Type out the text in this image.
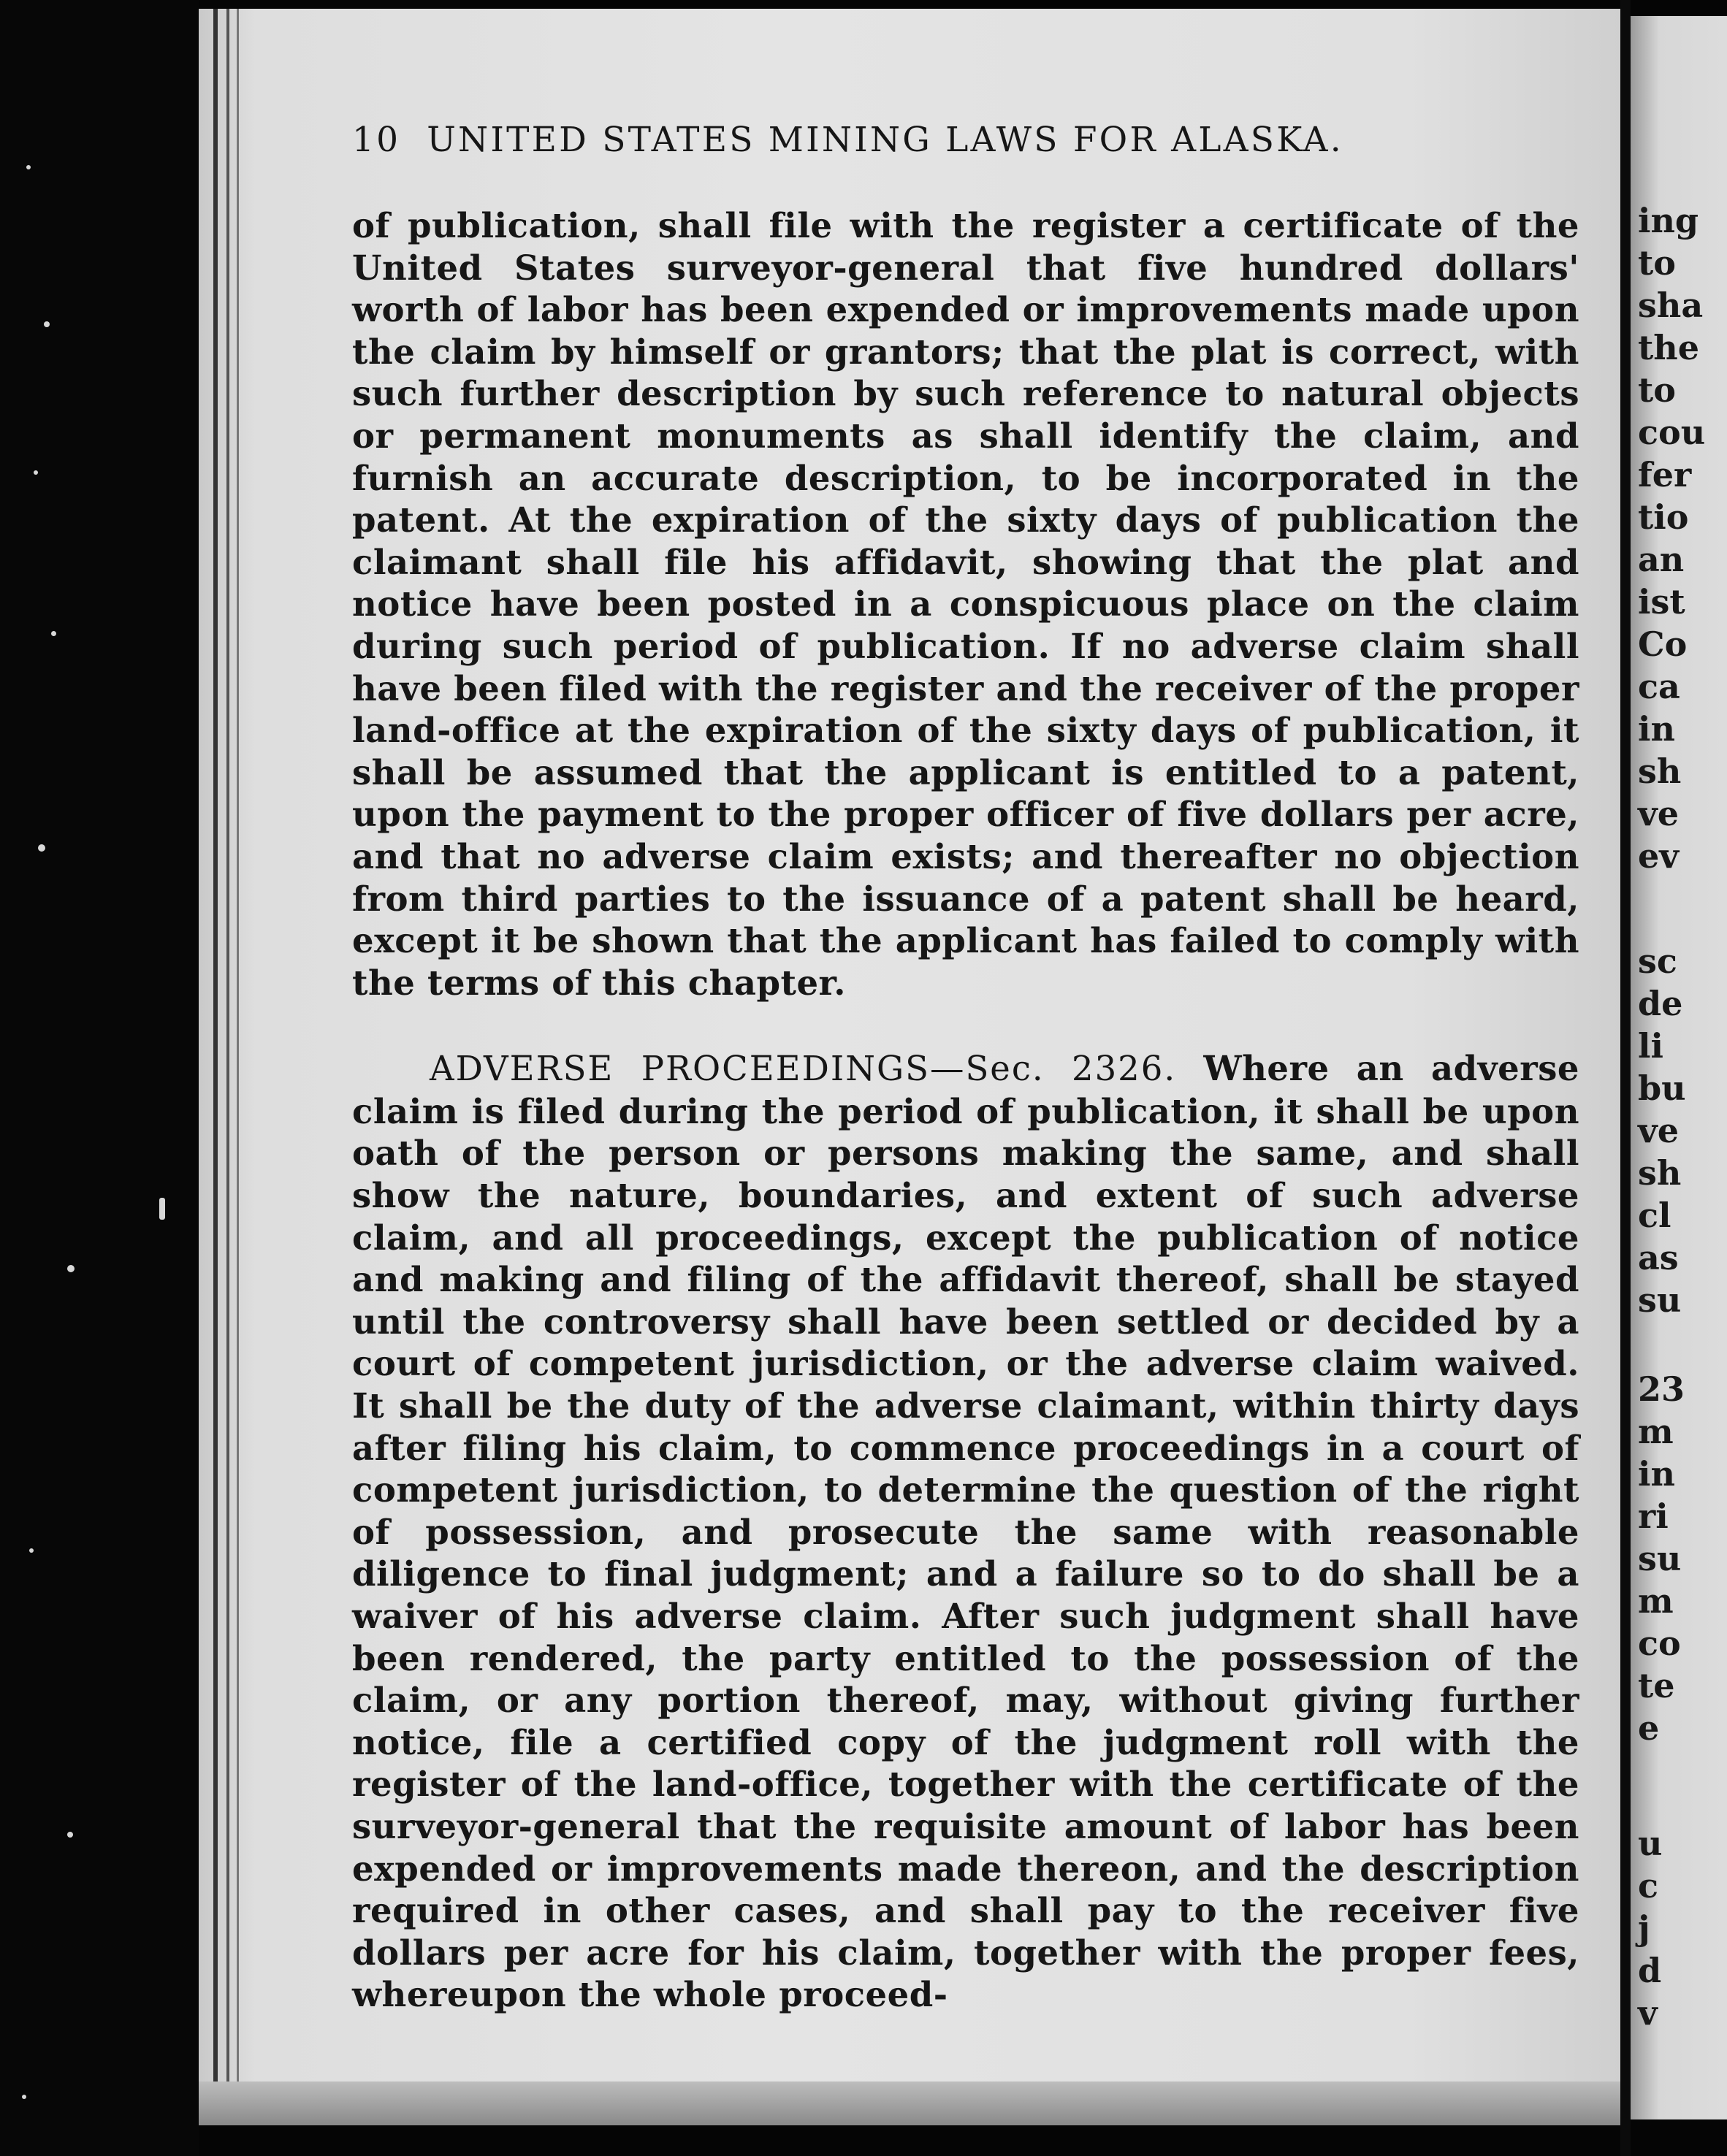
10 UNITED STATES MINING LAWS FOR ALASKA.

of publication, shall file with the register a certificate of the United States surveyor-general that five hundred dollars' worth of labor has been expended or improvements made upon the claim by himself or grantors; that the plat is correct, with such further description by such reference to natural objects or permanent monuments as shall identify the claim, and furnish an accurate description, to be incorporated in the patent. At the expiration of the sixty days of publication the claimant shall file his affidavit, showing that the plat and notice have been posted in a conspicuous place on the claim during such period of publication. If no adverse claim shall have been filed with the register and the receiver of the proper land-office at the expiration of the sixty days of publication, it shall be assumed that the applicant is entitled to a patent, upon the payment to the proper officer of five dollars per acre, and that no adverse claim exists; and thereafter no objection from third parties to the issuance of a patent shall be heard, except it be shown that the applicant has failed to comply with the terms of this chapter.

ADVERSE PROCEEDINGS—Sec. 2326. Where an adverse claim is filed during the period of publication, it shall be upon oath of the person or persons making the same, and shall show the nature, boundaries, and extent of such adverse claim, and all proceedings, except the publication of notice and making and filing of the affidavit thereof, shall be stayed until the controversy shall have been settled or decided by a court of competent jurisdiction, or the adverse claim waived. It shall be the duty of the adverse claimant, within thirty days after filing his claim, to commence proceedings in a court of competent jurisdiction, to determine the question of the right of possession, and prosecute the same with reasonable diligence to final judgment; and a failure so to do shall be a waiver of his adverse claim. After such judgment shall have been rendered, the party entitled to the possession of the claim, or any portion thereof, may, without giving further notice, file a certified copy of the judgment roll with the register of the land-office, together with the certificate of the surveyor-general that the requisite amount of labor has been expended or improvements made thereon, and the description required in other cases, and shall pay to the receiver five dollars per acre for his claim, together with the proper fees, whereupon the whole proceed-

ing
to
sha
the
to
cou
fer
tio
an
ist
Co
ca
in
sh
ve
ev
sc
de
li
bu
ve
sh
cl
as
su
23
m
in
ri
su
m
co
te
e
u
c
j
d
v
